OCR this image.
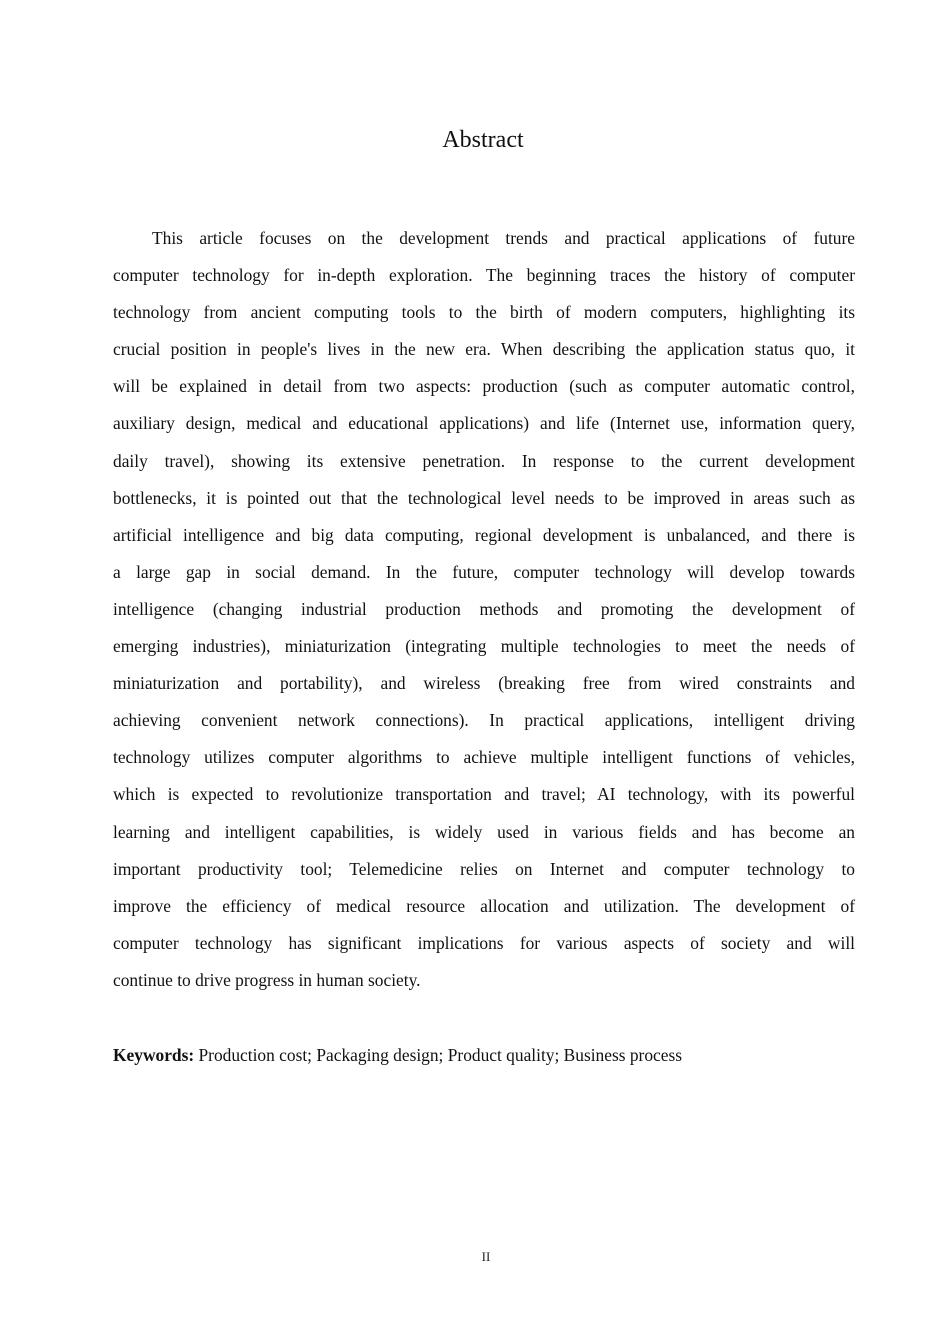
Abstract
This article focuses on the development trends and practical applications of future
computer technology for in-depth exploration. The beginning traces the history of computer
technology from ancient computing tools to the birth of modern computers, highlighting its
crucial position in people's lives in the new era. When describing the application status quo, it
will be explained in detail from two aspects: production (such as computer automatic control,
auxiliary design, medical and educational applications) and life (Internet use, information query,
daily travel), showing its extensive penetration. In response to the current development
bottlenecks, it is pointed out that the technological level needs to be improved in areas such as
artificial intelligence and big data computing, regional development is unbalanced, and there is
a large gap in social demand. In the future, computer technology will develop towards
intelligence (changing industrial production methods and promoting the development of
emerging industries), miniaturization (integrating multiple technologies to meet the needs of
miniaturization and portability), and wireless (breaking free from wired constraints and
achieving convenient network connections). In practical applications, intelligent driving
technology utilizes computer algorithms to achieve multiple intelligent functions of vehicles,
which is expected to revolutionize transportation and travel; AI technology, with its powerful
learning and intelligent capabilities, is widely used in various fields and has become an
important productivity tool; Telemedicine relies on Internet and computer technology to
improve the efficiency of medical resource allocation and utilization. The development of
computer technology has significant implications for various aspects of society and will
continue to drive progress in human society.
Keywords: Production cost; Packaging design; Product quality; Business process
II
